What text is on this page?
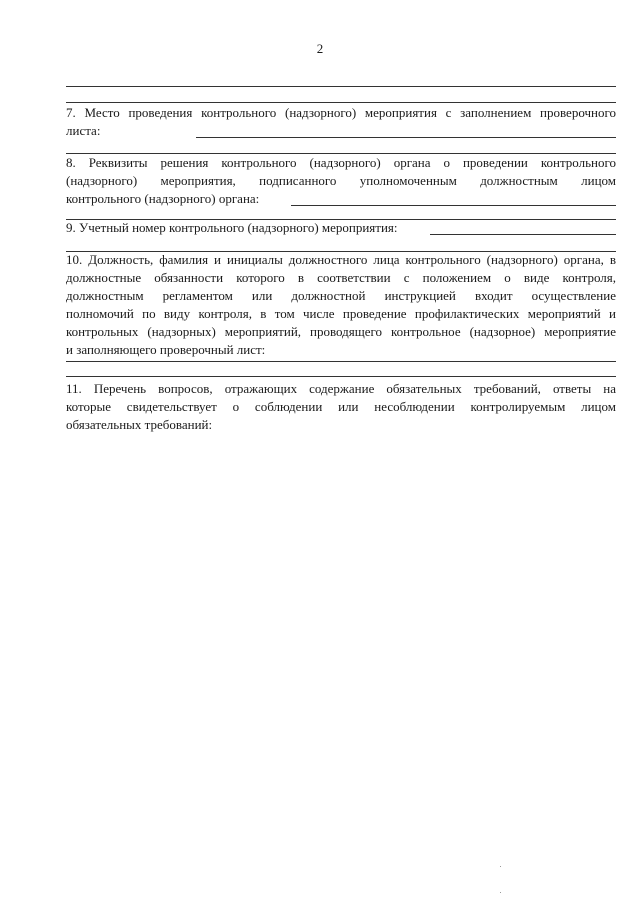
2
7. Место проведения контрольного (надзорного) мероприятия с заполнением проверочного
листа:
8. Реквизиты решения контрольного (надзорного) органа о проведении контрольного
(надзорного) мероприятия, подписанного уполномоченным должностным лицом
контрольного (надзорного) органа:
9. Учетный номер контрольного (надзорного) мероприятия:
10. Должность, фамилия и инициалы должностного лица контрольного (надзорного) органа, в
должностные обязанности которого в соответствии с положением о виде контроля,
должностным регламентом или должностной инструкцией входит осуществление
полномочий по виду контроля, в том числе проведение профилактических мероприятий и
контрольных (надзорных) мероприятий, проводящего контрольное (надзорное) мероприятие
и заполняющего проверочный лист:
11. Перечень вопросов, отражающих содержание обязательных требований, ответы на
которые свидетельствует о соблюдении или несоблюдении контролируемым лицом
обязательных требований:
